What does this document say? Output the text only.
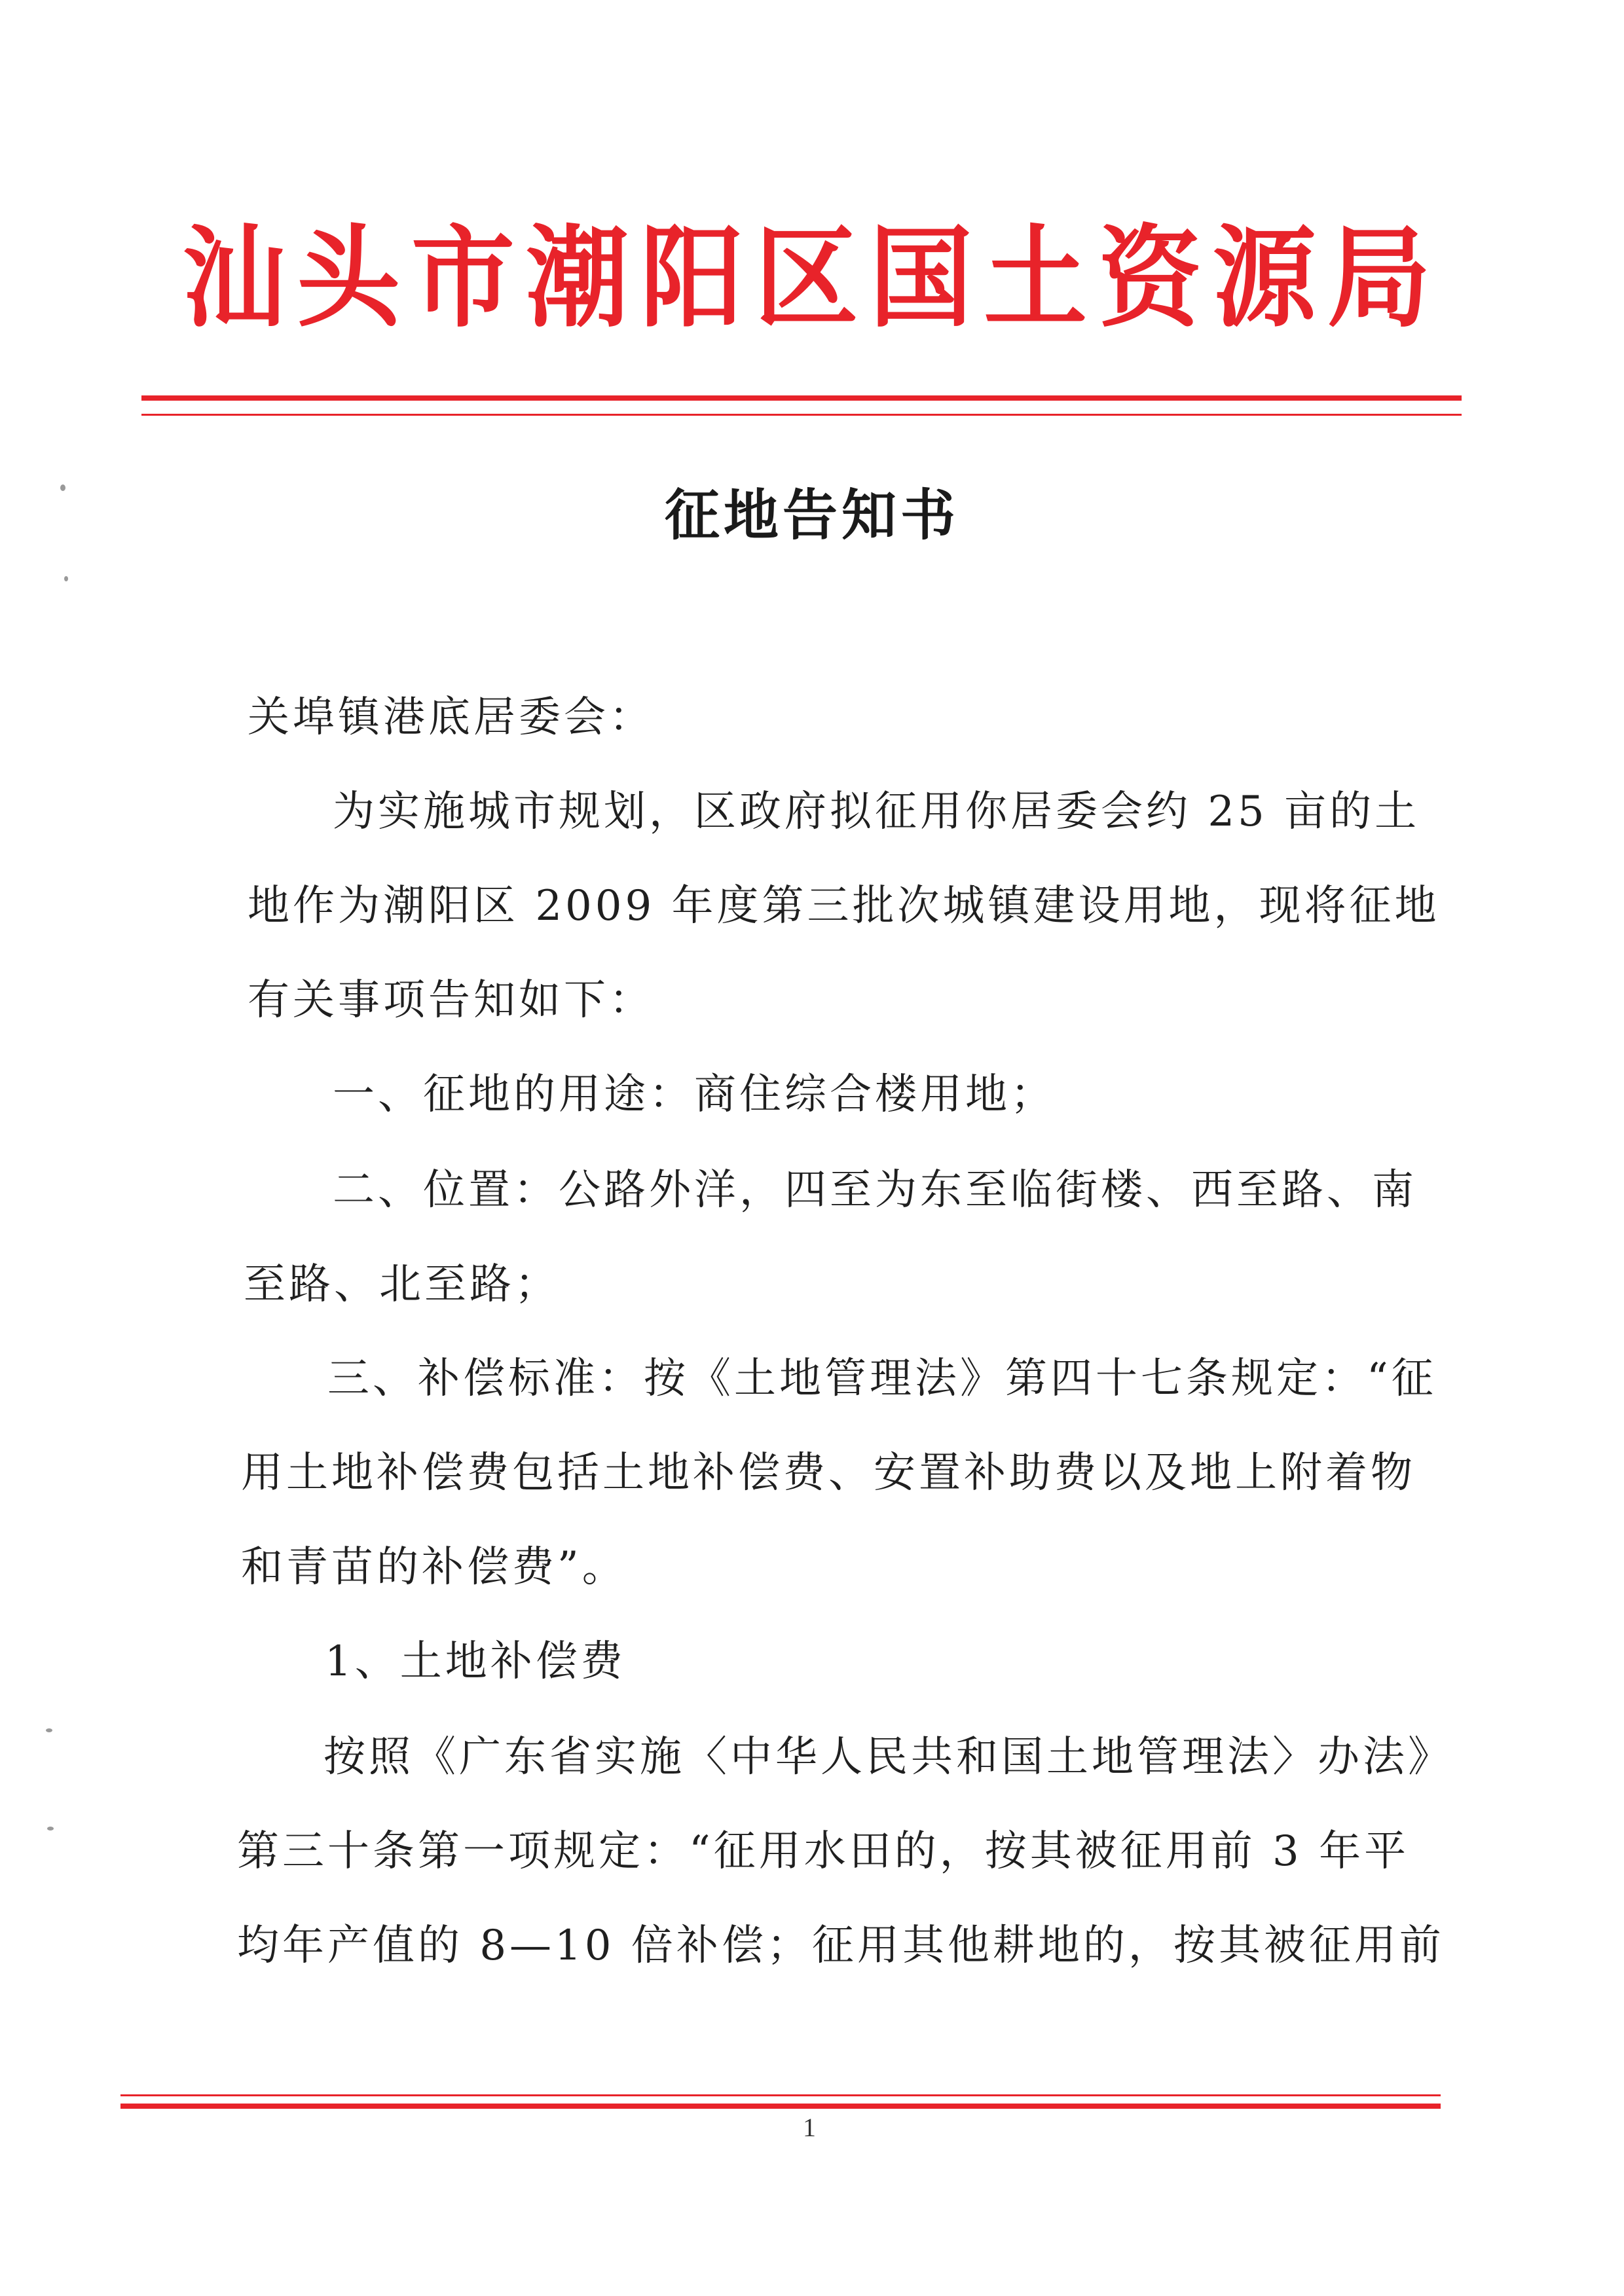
汕头市潮阳区国土资源局
征地告知书
关埠镇港底居委会：
为实施城市规划，区政府拟征用你居委会约 25 亩的土
地作为潮阳区 2009 年度第三批次城镇建设用地，现将征地
有关事项告知如下：
一、征地的用途：商住综合楼用地；
二、位置：公路外洋，四至为东至临街楼、西至路、南
至路、北至路；
三、补偿标准：按《土地管理法》第四十七条规定：“征
用土地补偿费包括土地补偿费、安置补助费以及地上附着物
和青苗的补偿费”。
1、土地补偿费
按照《广东省实施〈中华人民共和国土地管理法〉办法》
第三十条第一项规定：“征用水田的，按其被征用前 3 年平
均年产值的 8—10 倍补偿；征用其他耕地的，按其被征用前
1
